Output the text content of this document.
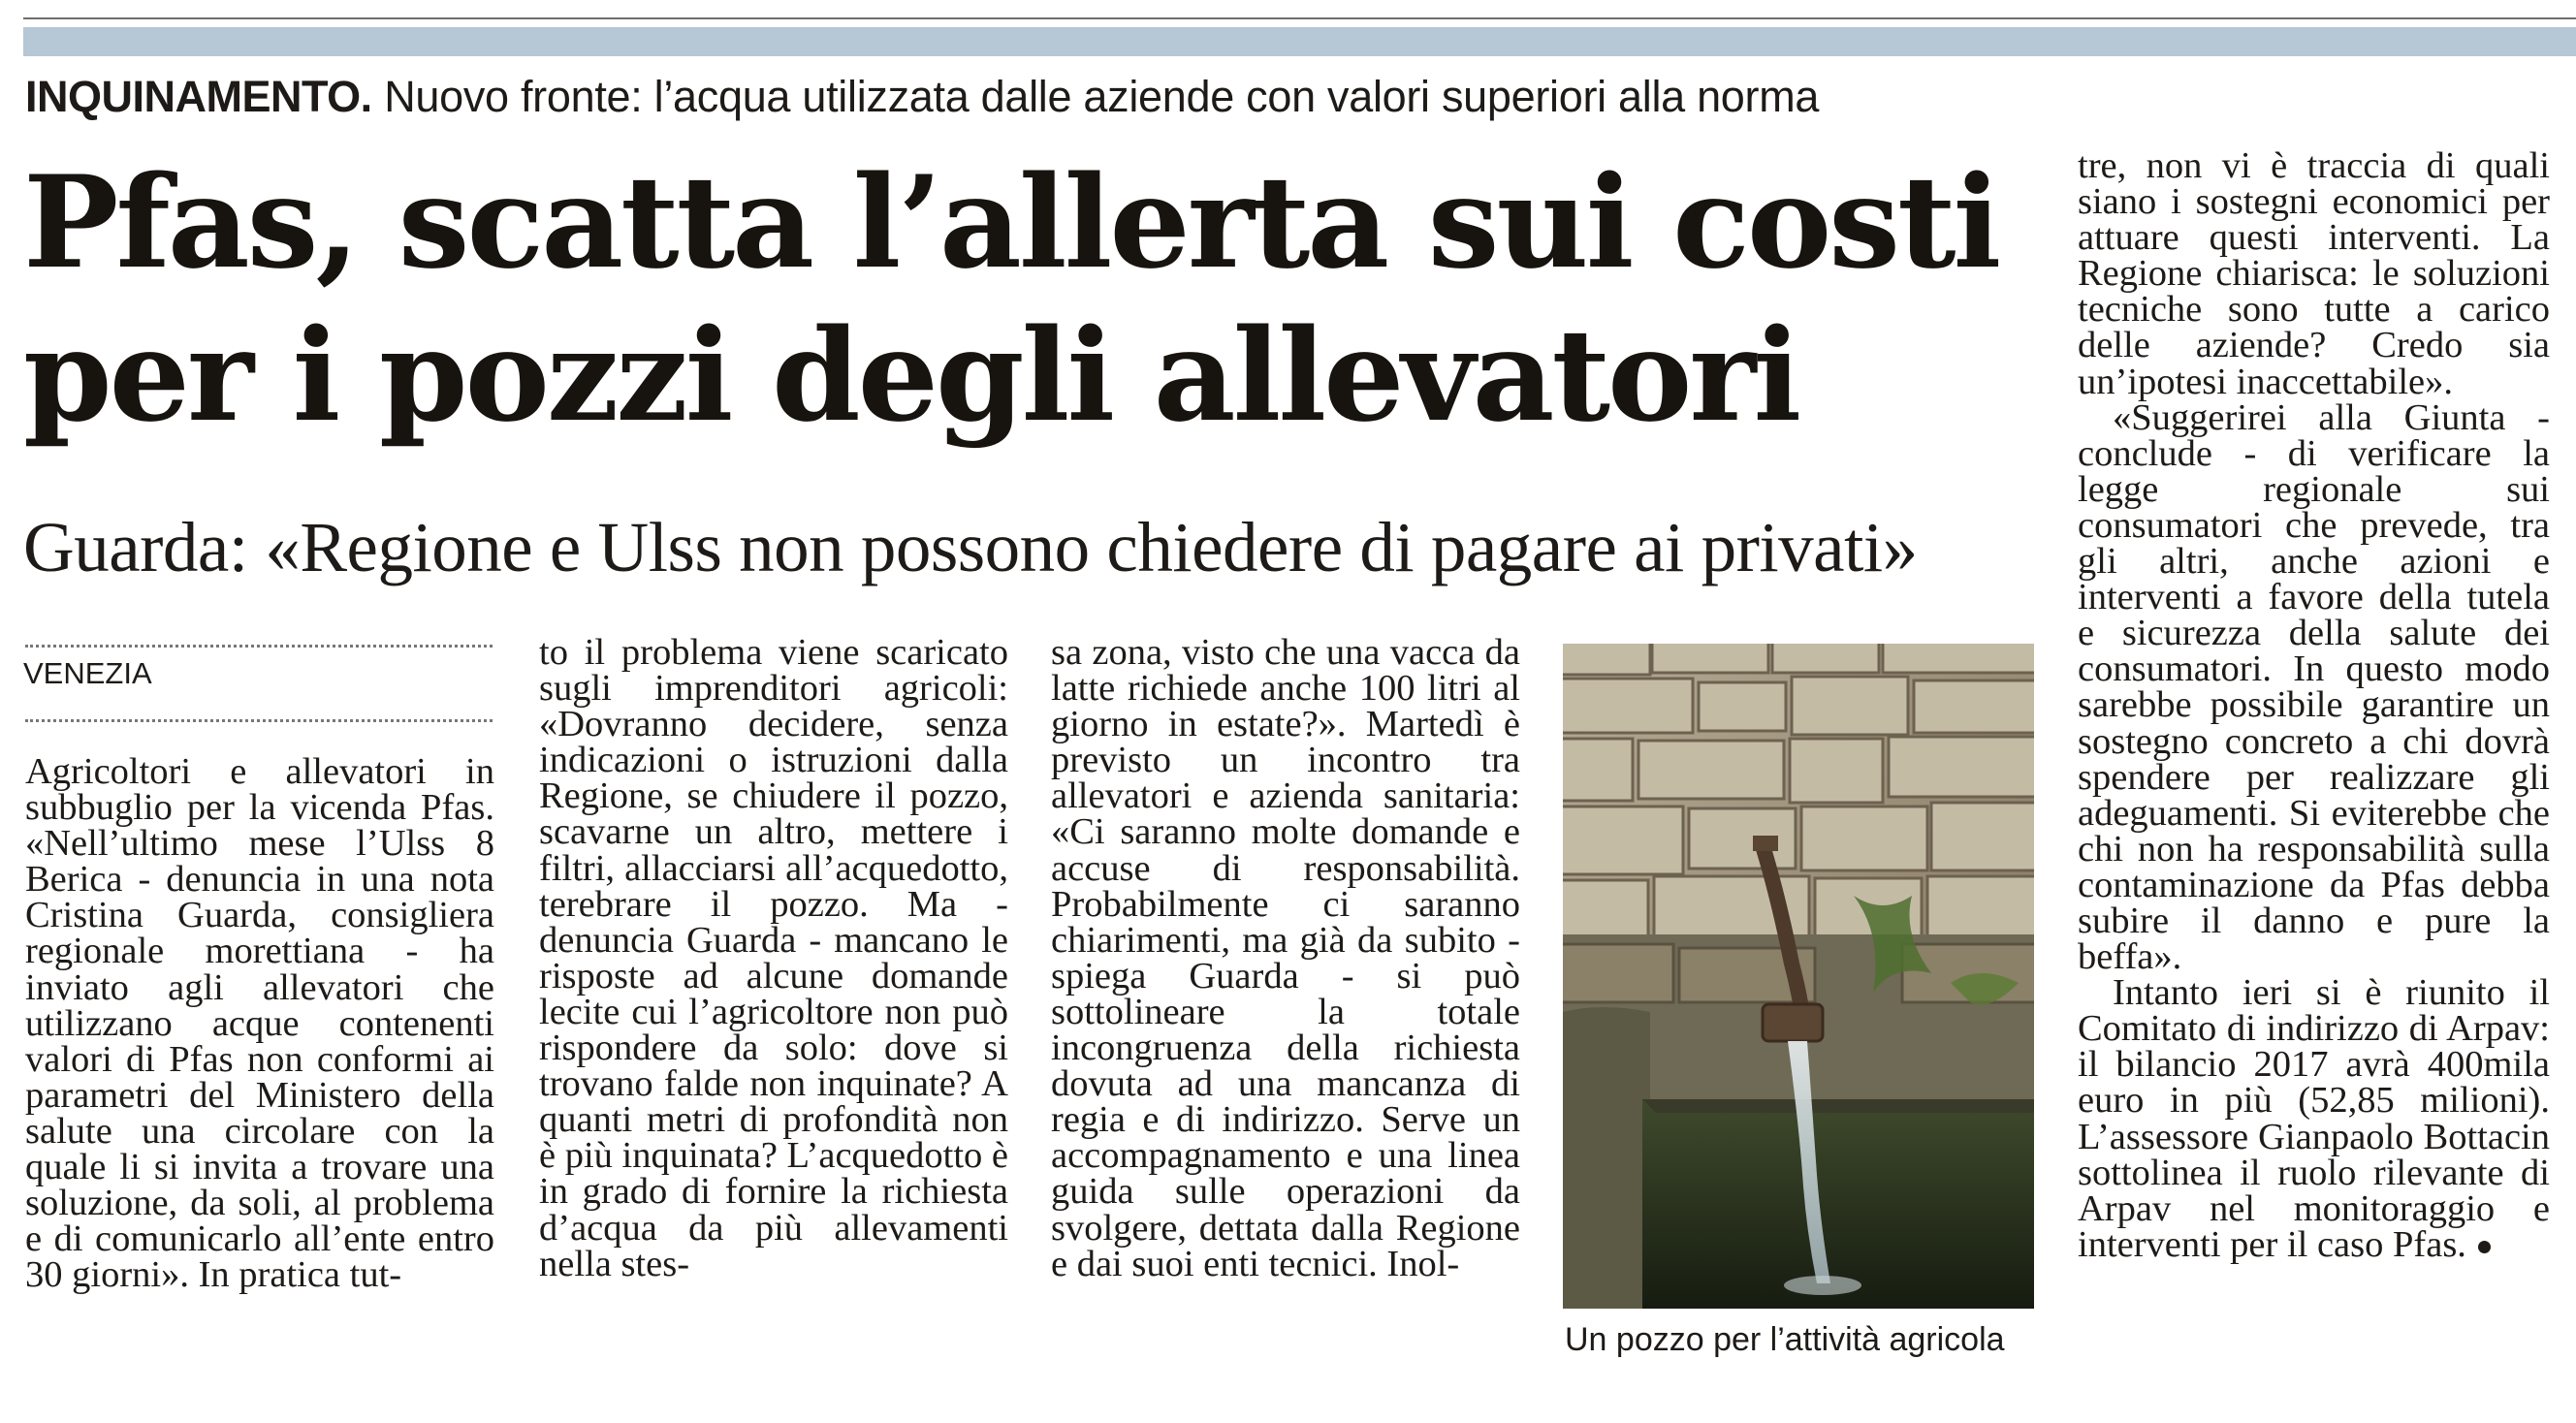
INQUINAMENTO. Nuovo fronte: l’acqua utilizzata dalle aziende con valori superiori alla norma
Pfas, scatta l’allerta sui costi
per i pozzi degli allevatori
Guarda: «Regione e Ulss non possono chiedere di pagare ai privati»
VENEZIA

Agricoltori e allevatori in subbuglio per la vicenda Pfas. «Nell’ultimo mese l’Ulss 8 Berica - denuncia in una nota Cristina Guarda, consigliera regionale morettiana - ha inviato agli allevatori che utilizzano acque contenenti valori di Pfas non conformi ai parametri del Ministero della salute una circolare con la quale li si invita a trovare una soluzione, da soli, al problema e di comunicarlo all’ente entro 30 giorni». In pratica tut-

to il problema viene scaricato sugli imprenditori agricoli: «Dovranno decidere, senza indicazioni o istruzioni dalla Regione, se chiudere il pozzo, scavarne un altro, mettere i filtri, allacciarsi all’acquedotto, terebrare il pozzo. Ma - denuncia Guarda - mancano le risposte ad alcune domande lecite cui l’agricoltore non può rispondere da solo: dove si trovano falde non inquinate? A quanti metri di profondità non è più inquinata? L’acquedotto è in grado di fornire la richiesta d’acqua da più allevamenti nella stes-

sa zona, visto che una vacca da latte richiede anche 100 litri al giorno in estate?». Martedì è previsto un incontro tra allevatori e azienda sanitaria: «Ci saranno molte domande e accuse di responsabilità. Probabilmente ci saranno chiarimenti, ma già da subito - spiega Guarda - si può sottolineare la totale incongruenza della richiesta dovuta ad una mancanza di regia e di indirizzo. Serve un accompagnamento e una linea guida sulle operazioni da svolgere, dettata dalla Regione e dai suoi enti tecnici. Inol-

Un pozzo per l’attività agricola

tre, non vi è traccia di quali siano i sostegni economici per attuare questi interventi. La Regione chiarisca: le soluzioni tecniche sono tutte a carico delle aziende? Credo sia un’ipotesi inaccettabile».

«Suggerirei alla Giunta - conclude - di verificare la legge regionale sui consumatori che prevede, tra gli altri, anche azioni e interventi a favore della tutela e sicurezza della salute dei consumatori. In questo modo sarebbe possibile garantire un sostegno concreto a chi dovrà spendere per realizzare gli adeguamenti. Si eviterebbe che chi non ha responsabilità sulla contaminazione da Pfas debba subire il danno e pure la beffa».

Intanto ieri si è riunito il Comitato di indirizzo di Arpav: il bilancio 2017 avrà 400mila euro in più (52,85 milioni). L’assessore Gianpaolo Bottacin sottolinea il ruolo rilevante di Arpav nel monitoraggio e interventi per il caso Pfas.
